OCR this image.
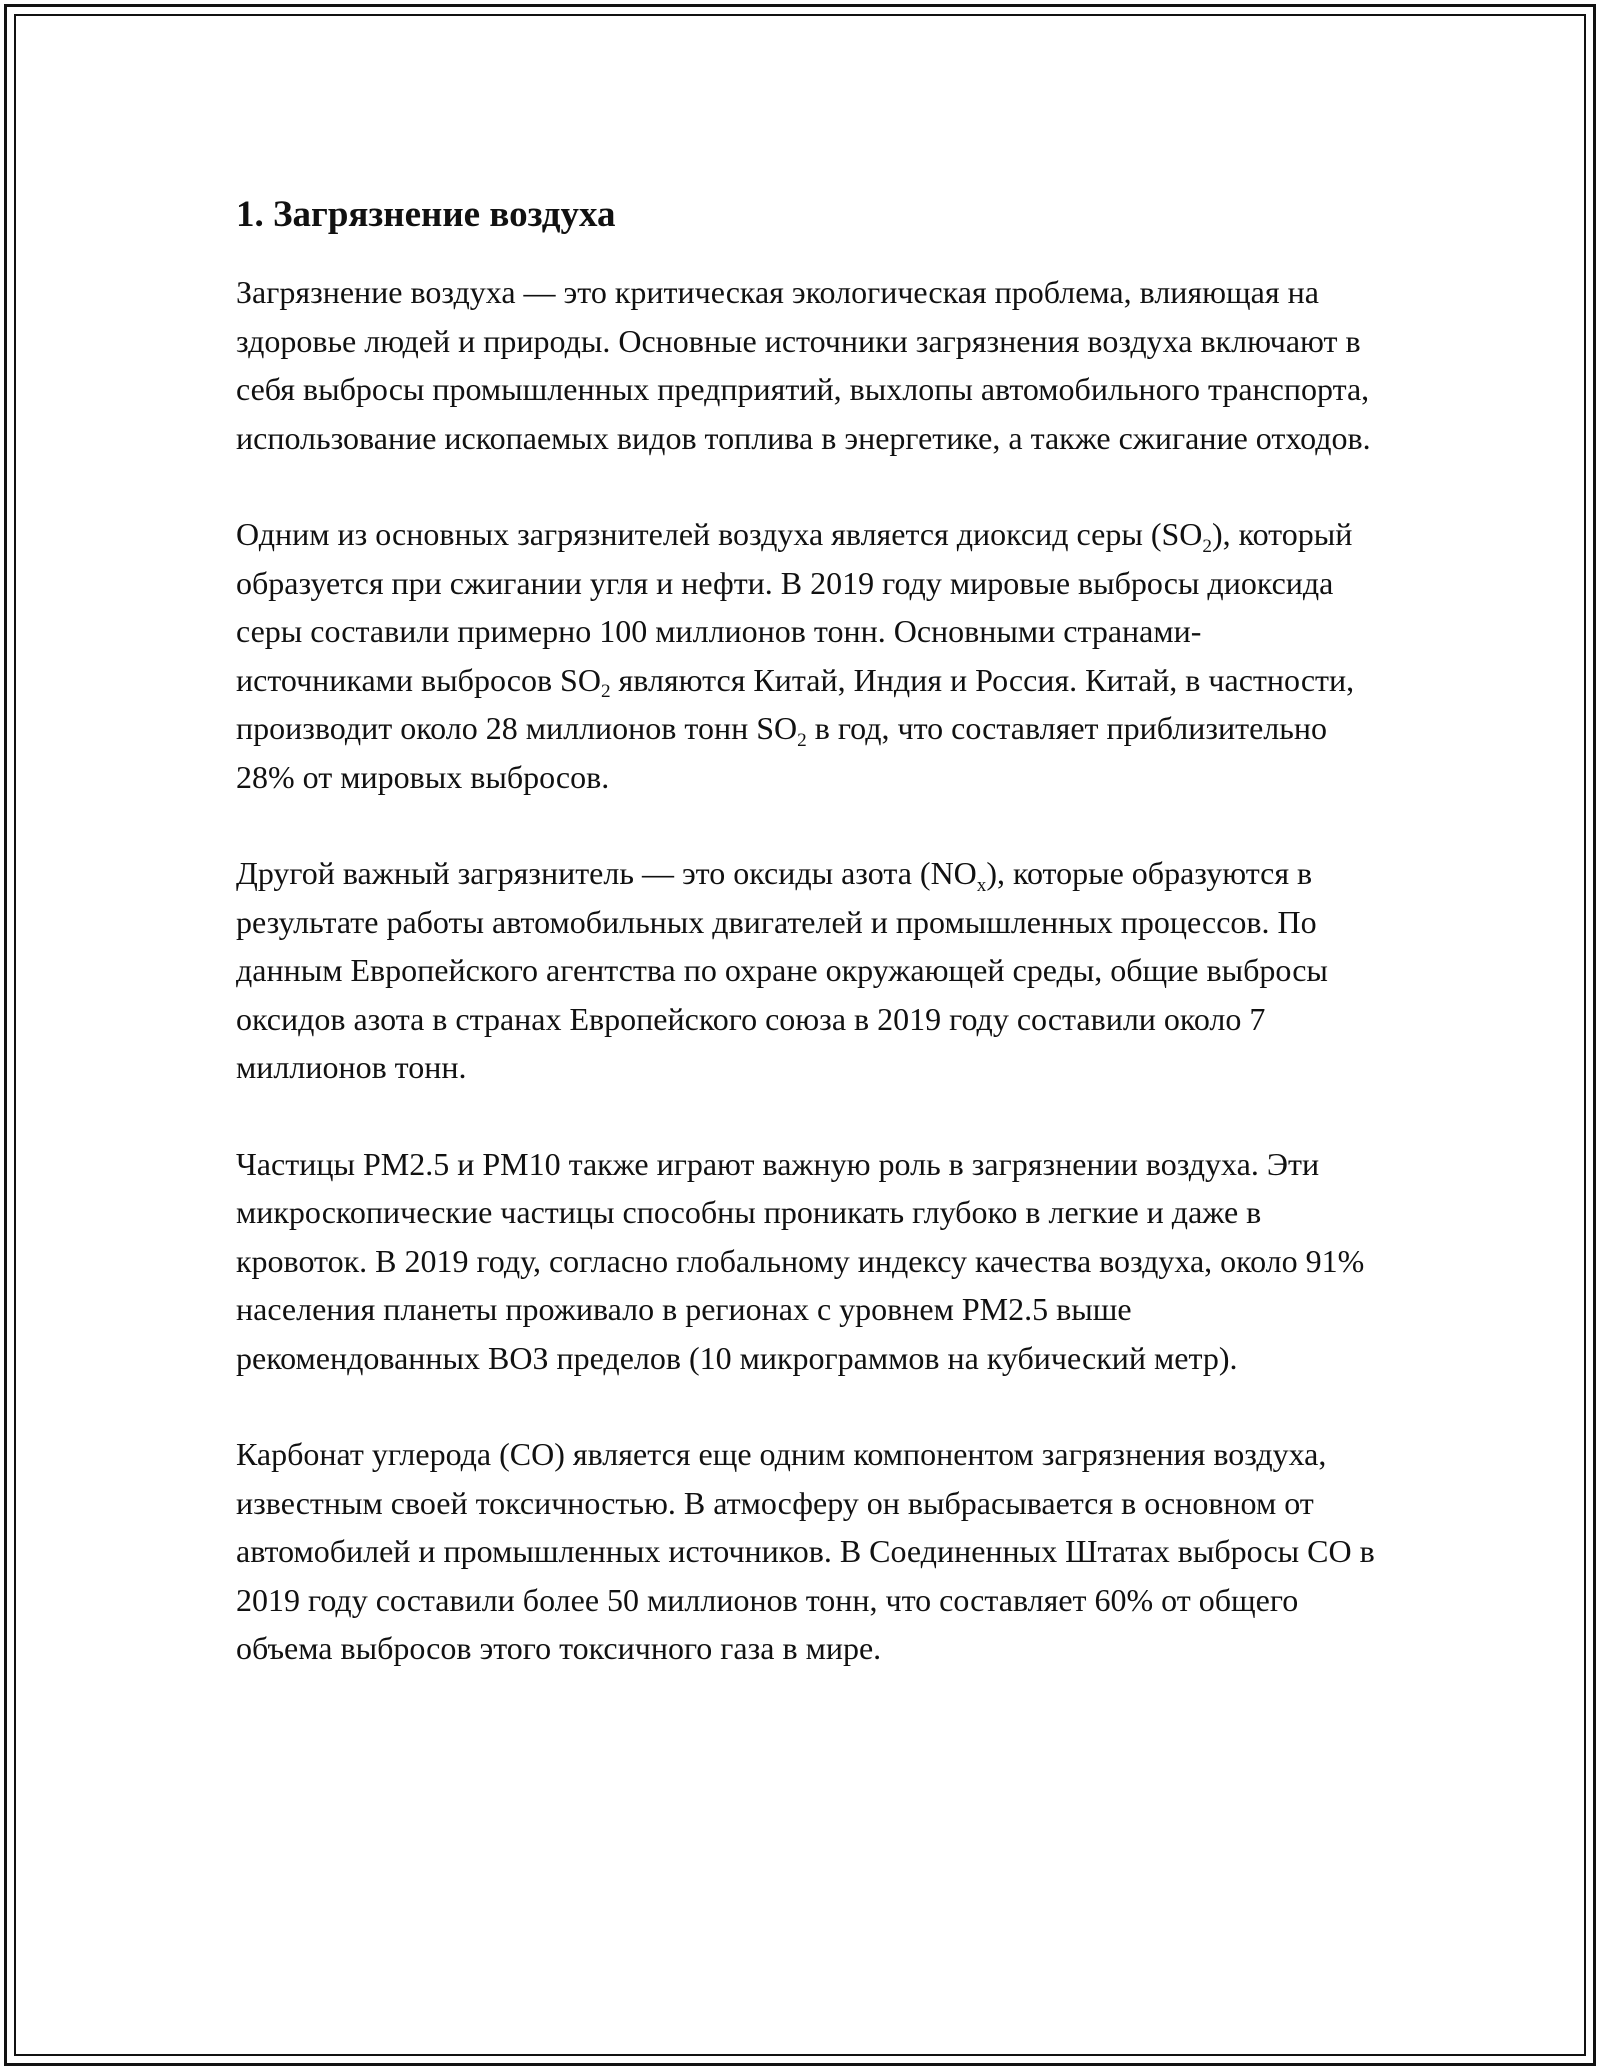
1. Загрязнение воздуха

Загрязнение воздуха — это критическая экологическая проблема, влияющая на здоровье людей и природы. Основные источники загрязнения воздуха включают в себя выбросы промышленных предприятий, выхлопы автомобильного транспорта, использование ископаемых видов топлива в энергетике, а также сжигание отходов.

Одним из основных загрязнителей воздуха является диоксид серы $(SO_2)$, который образуется при сжигании угля и нефти. В 2019 году мировые выбросы диоксида серы составили примерно 100 миллионов тонн. Основными странами-источниками выбросов $SO_2$ являются Китай, Индия и Россия. Китай, в частности, производит около 28 миллионов тонн $SO_2$ в год, что составляет приблизительно 28% от мировых выбросов.

Другой важный загрязнитель — это оксиды азота $(NO_x)$, которые образуются в результате работы автомобильных двигателей и промышленных процессов. По данным Европейского агентства по охране окружающей среды, общие выбросы оксидов азота в странах Европейского союза в 2019 году составили около 7 миллионов тонн.

Частицы PM2.5 и PM10 также играют важную роль в загрязнении воздуха. Эти микроскопические частицы способны проникать глубоко в легкие и даже в кровоток. В 2019 году, согласно глобальному индексу качества воздуха, около 91% населения планеты проживало в регионах с уровнем PM2.5 выше рекомендованных ВОЗ пределов (10 микрограммов на кубический метр).

Карбонат углерода (CO) является еще одним компонентом загрязнения воздуха, известным своей токсичностью. В атмосферу он выбрасывается в основном от автомобилей и промышленных источников. В Соединенных Штатах выбросы CO в 2019 году составили более 50 миллионов тонн, что составляет 60% от общего объема выбросов этого токсичного газа в мире.
